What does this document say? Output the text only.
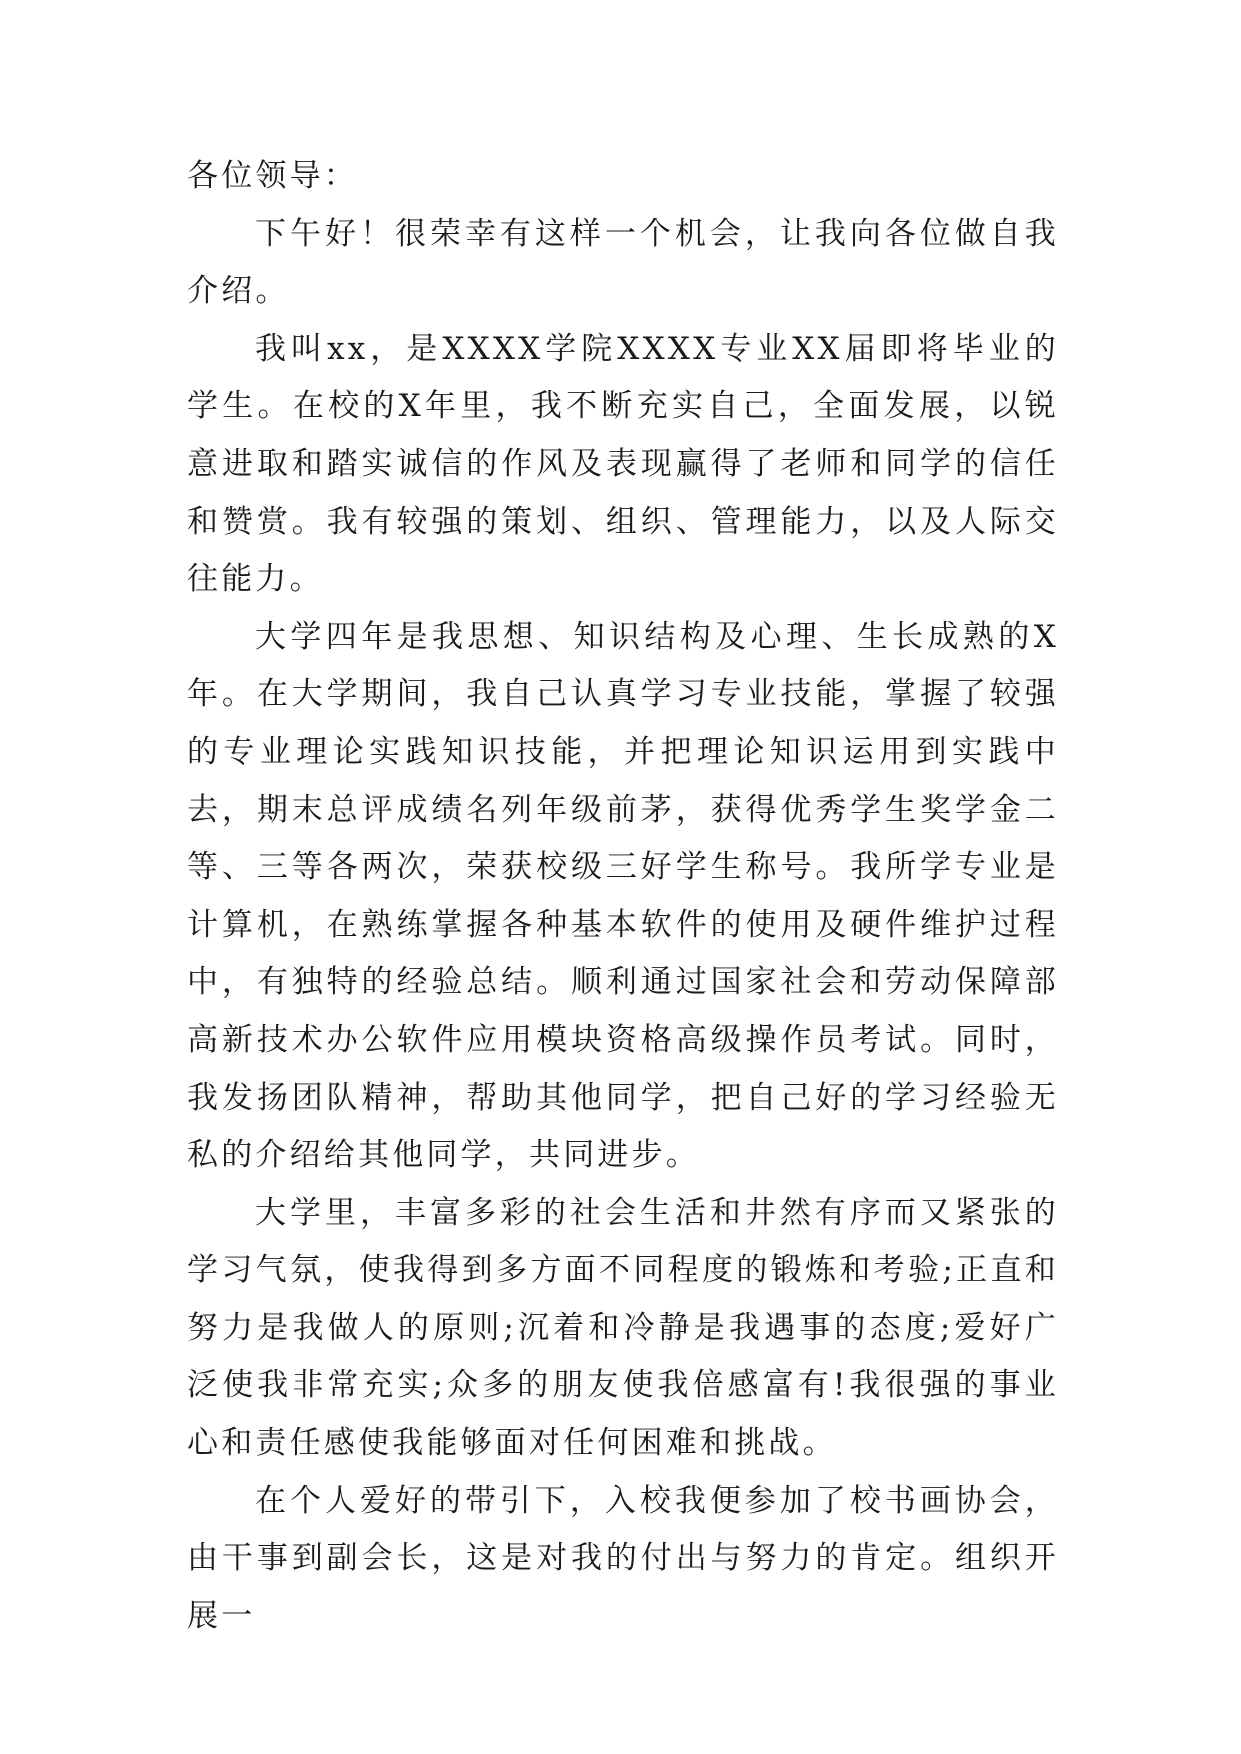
各位领导：

下午好！很荣幸有这样一个机会，让我向各位做自我介绍。

我叫xx，是XXXX学院XXXX专业XX届即将毕业的学生。在校的X年里，我不断充实自己，全面发展，以锐意进取和踏实诚信的作风及表现赢得了老师和同学的信任和赞赏。我有较强的策划、组织、管理能力，以及人际交往能力。

大学四年是我思想、知识结构及心理、生长成熟的X年。在大学期间，我自己认真学习专业技能，掌握了较强的专业理论实践知识技能，并把理论知识运用到实践中去，期末总评成绩名列年级前茅，获得优秀学生奖学金二等、三等各两次，荣获校级三好学生称号。我所学专业是计算机，在熟练掌握各种基本软件的使用及硬件维护过程中，有独特的经验总结。顺利通过国家社会和劳动保障部高新技术办公软件应用模块资格高级操作员考试。同时，我发扬团队精神，帮助其他同学，把自己好的学习经验无私的介绍给其他同学，共同进步。

大学里，丰富多彩的社会生活和井然有序而又紧张的学习气氛，使我得到多方面不同程度的锻炼和考验;正直和努力是我做人的原则;沉着和冷静是我遇事的态度;爱好广泛使我非常充实;众多的朋友使我倍感富有!我很强的事业心和责任感使我能够面对任何困难和挑战。

在个人爱好的带引下，入校我便参加了校书画协会，由干事到副会长，这是对我的付出与努力的肯定。组织开展一
